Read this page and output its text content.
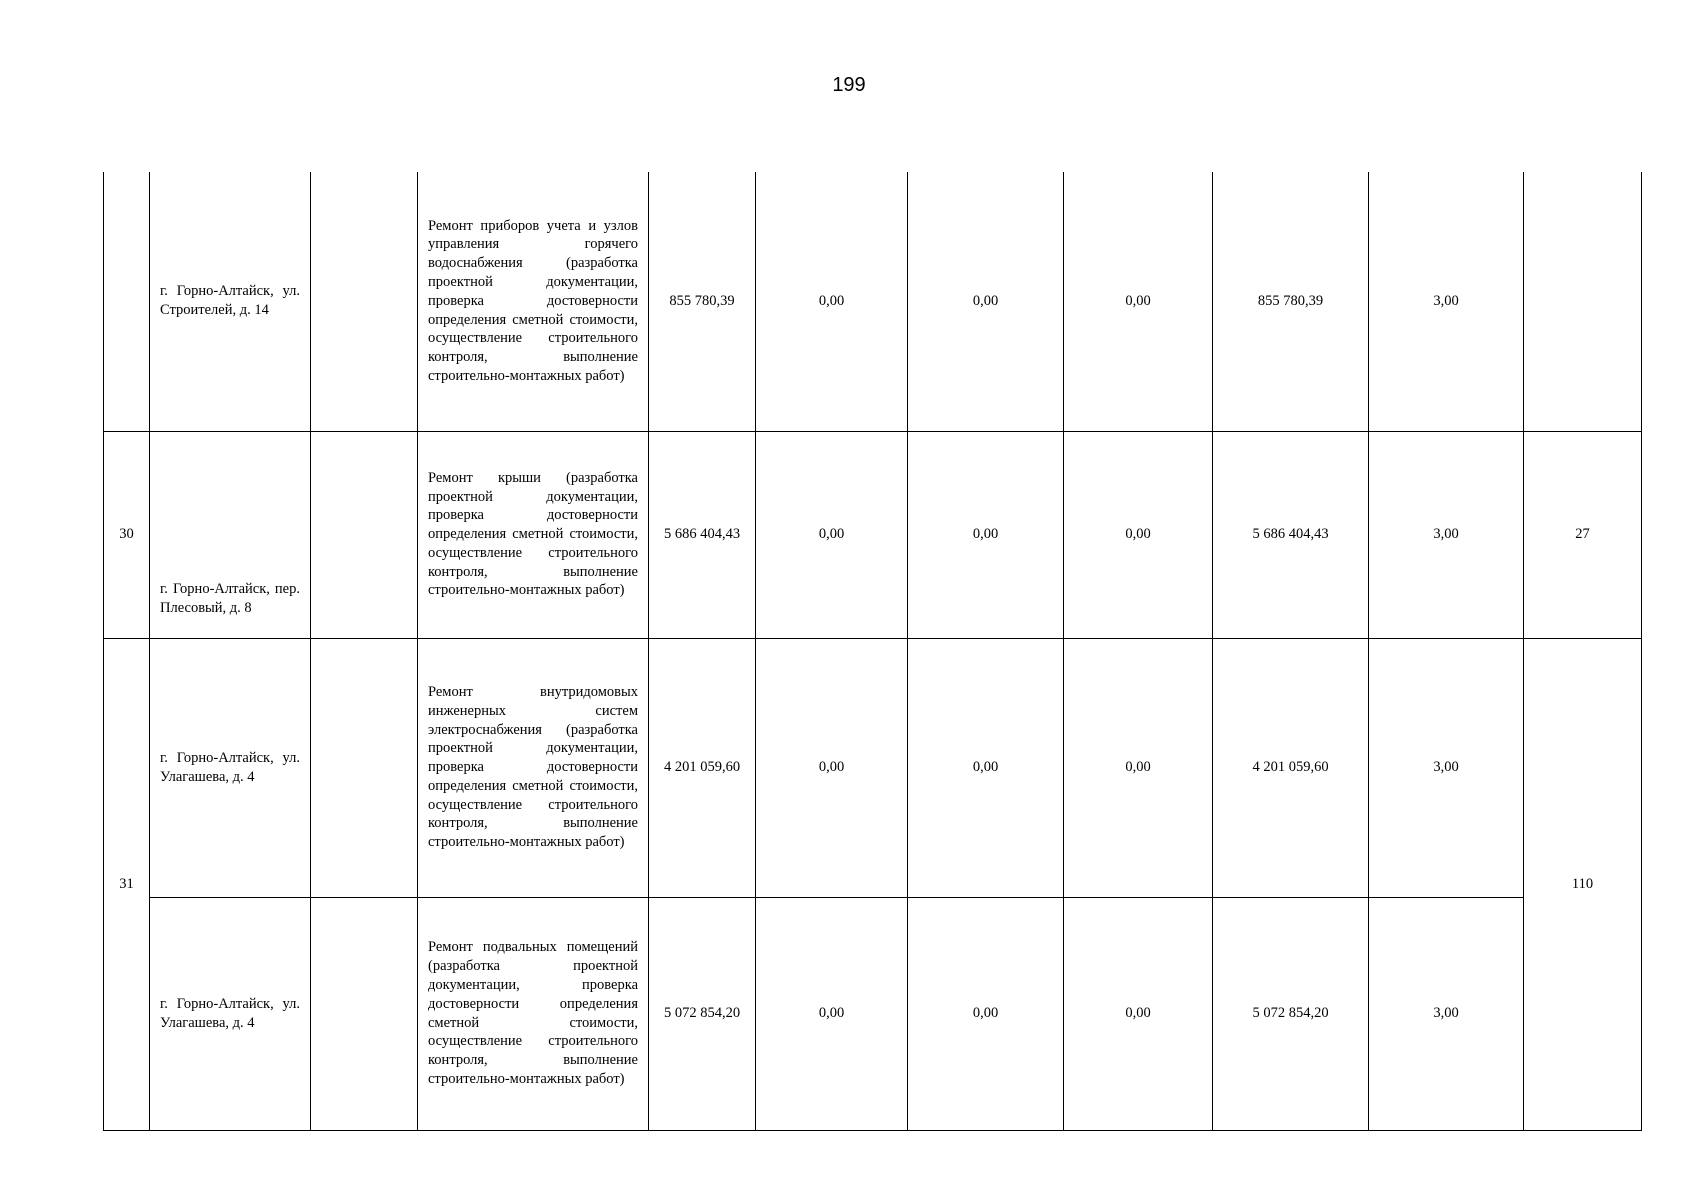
199
	г. Горно-Алтайск, ул. Строителей, д. 14		Ремонт приборов учета и узлов управления горячего водоснабжения (разработка проектной документации, проверка достоверности определения сметной стоимости, осуществление строительного контроля, выполнение строительно-монтажных работ)	855 780,39	0,00	0,00	0,00	855 780,39	3,00	
30	г. Горно-Алтайск, пер. Плесовый, д. 8		Ремонт крыши (разработка проектной документации, проверка достоверности определения сметной стоимости, осуществление строительного контроля, выполнение строительно-монтажных работ)	5 686 404,43	0,00	0,00	0,00	5 686 404,43	3,00	27
31	г. Горно-Алтайск, ул. Улагашева, д. 4		Ремонт внутридомовых инженерных систем электроснабжения (разработка проектной документации, проверка достоверности определения сметной стоимости, осуществление строительного контроля, выполнение строительно-монтажных работ)	4 201 059,60	0,00	0,00	0,00	4 201 059,60	3,00	110
	г. Горно-Алтайск, ул. Улагашева, д. 4		Ремонт подвальных помещений (разработка проектной документации, проверка достоверности определения сметной стоимости, осуществление строительного контроля, выполнение строительно-монтажных работ)	5 072 854,20	0,00	0,00	0,00	5 072 854,20	3,00	
